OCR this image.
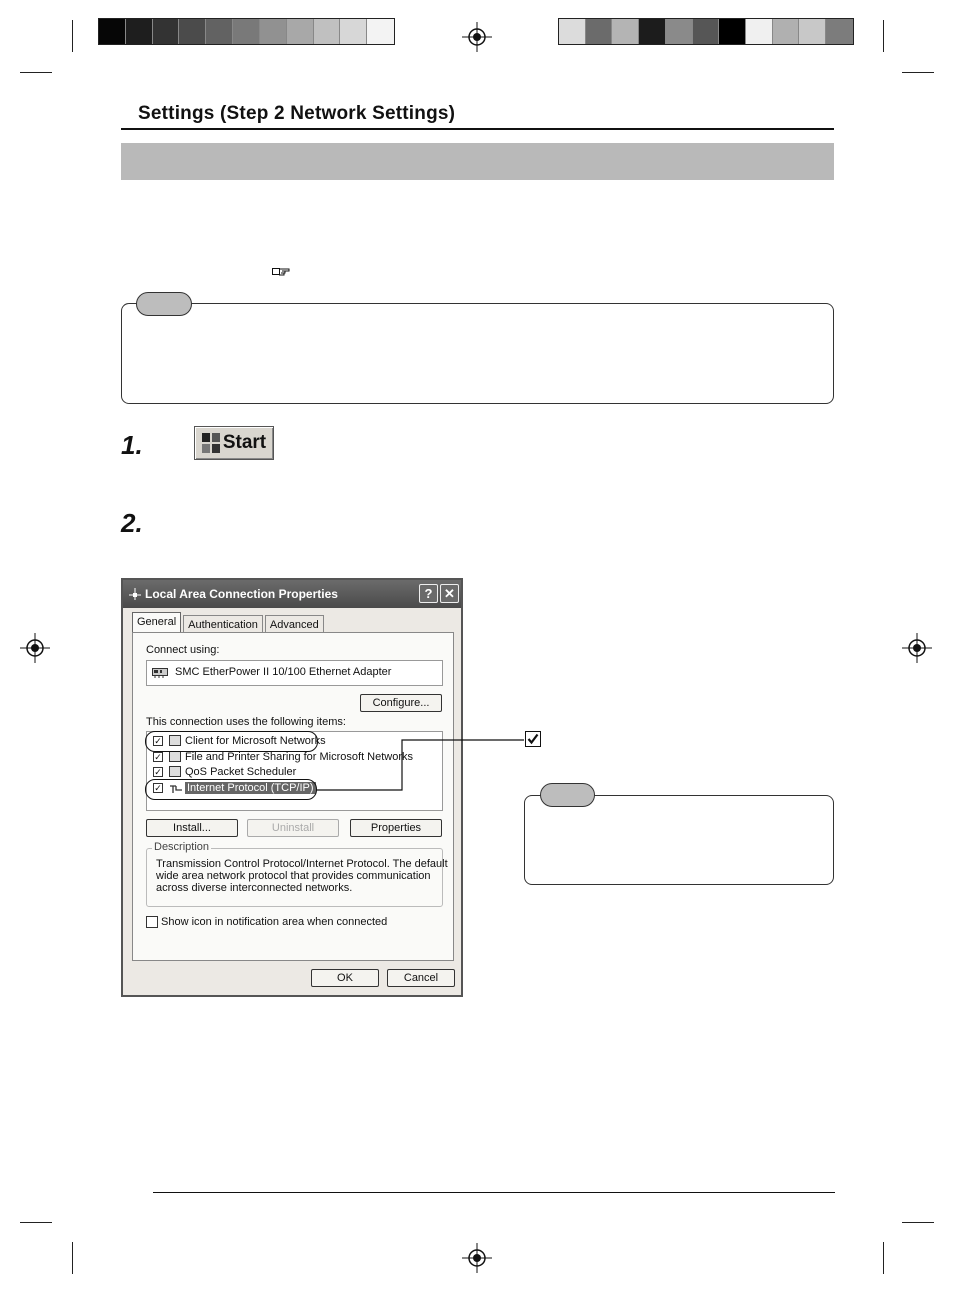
Settings (Step 2 Network Settings)
1.	Start
2.
Local Area Connection Properties	? ✕
General	Authentication	Advanced
Connect using:
SMC EtherPower II 10/100 Ethernet Adapter
Configure...
This connection uses the following items:
✓ Client for Microsoft Networks
✓ File and Printer Sharing for Microsoft Networks
✓ QoS Packet Scheduler
✓ Internet Protocol (TCP/IP)
Install...	Uninstall	Properties
Description
Transmission Control Protocol/Internet Protocol. The default
wide area network protocol that provides communication
across diverse interconnected networks.
Show icon in notification area when connected
OK	Cancel
